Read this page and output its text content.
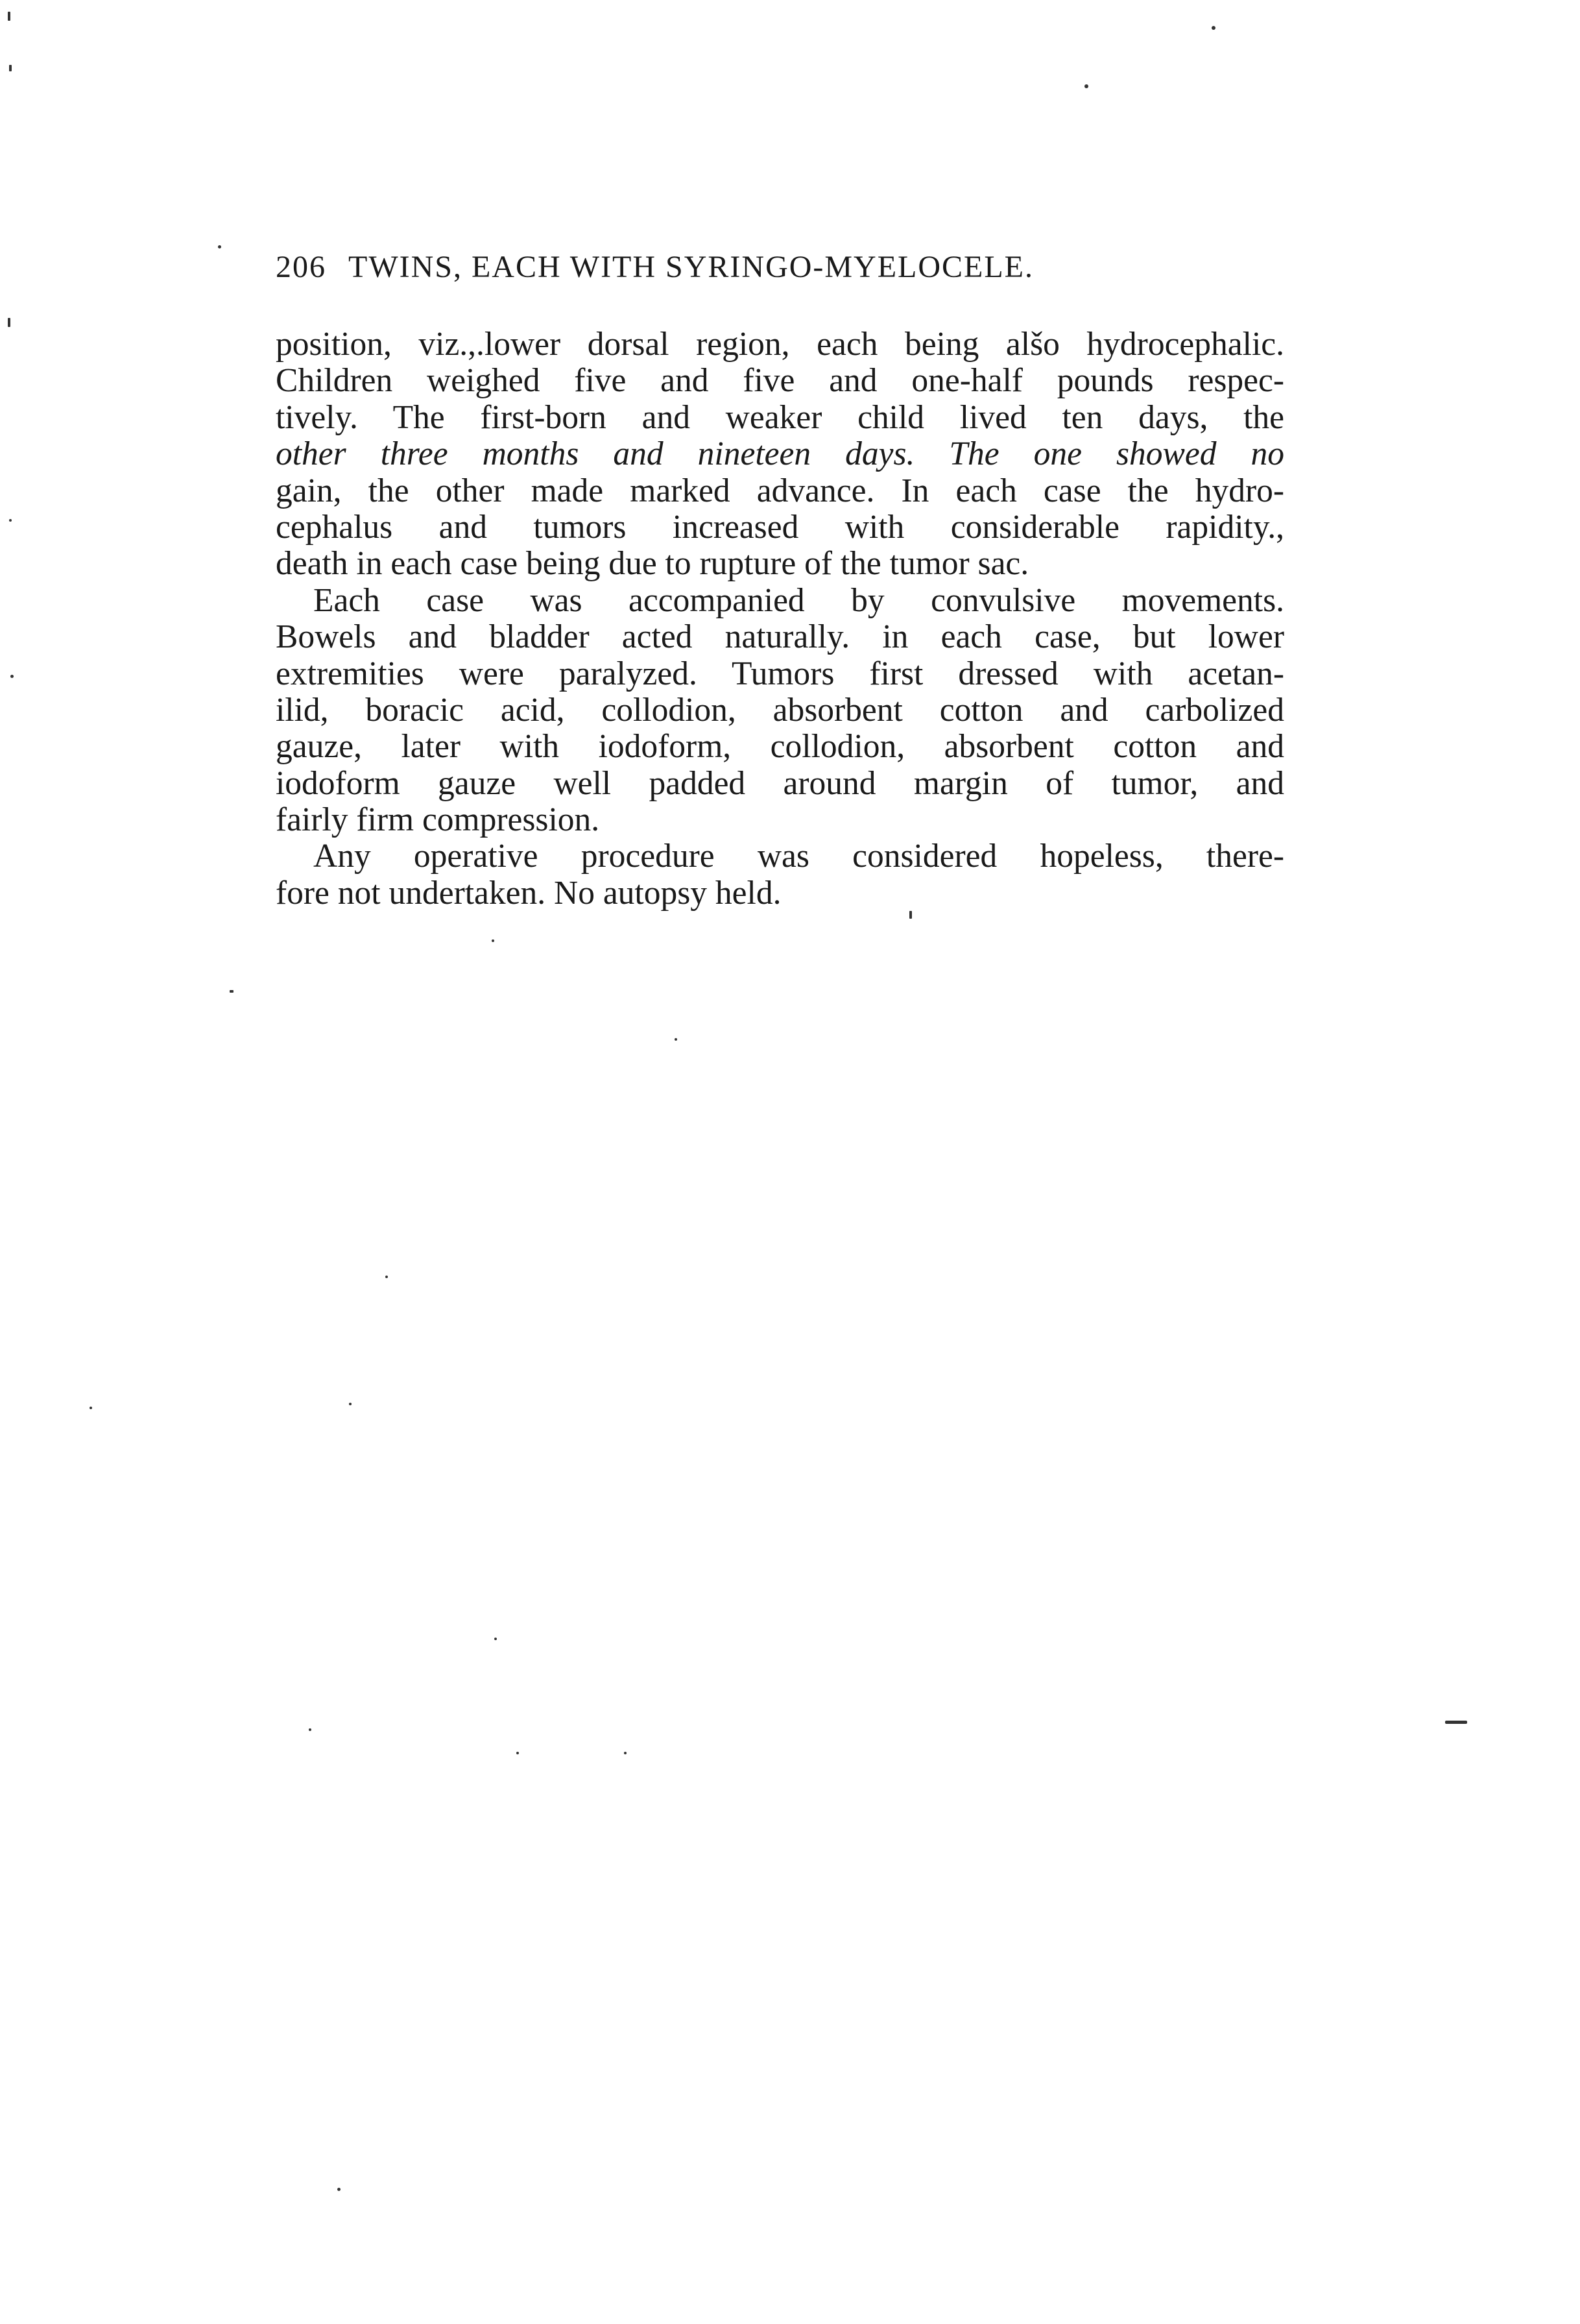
206 TWINS, EACH WITH SYRINGO-MYELOCELE.
position, viz.,.lower dorsal region, each being alšo hydrocephalic.
Children weighed five and five and one-half pounds respec-
tively. The first-born and weaker child lived ten days, the
other three months and nineteen days. The one showed no
gain, the other made marked advance. In each case the hydro-
cephalus and tumors increased with considerable rapidity.,
death in each case being due to rupture of the tumor sac.
Each case was accompanied by convulsive movements.
Bowels and bladder acted naturally. in each case, but lower
extremities were paralyzed. Tumors first dressed with acetan-
ilid, boracic acid, collodion, absorbent cotton and carbolized
gauze, later with iodoform, collodion, absorbent cotton and
iodoform gauze well padded around margin of tumor, and
fairly firm compression.
Any operative procedure was considered hopeless, there-
fore not undertaken. No autopsy held.
